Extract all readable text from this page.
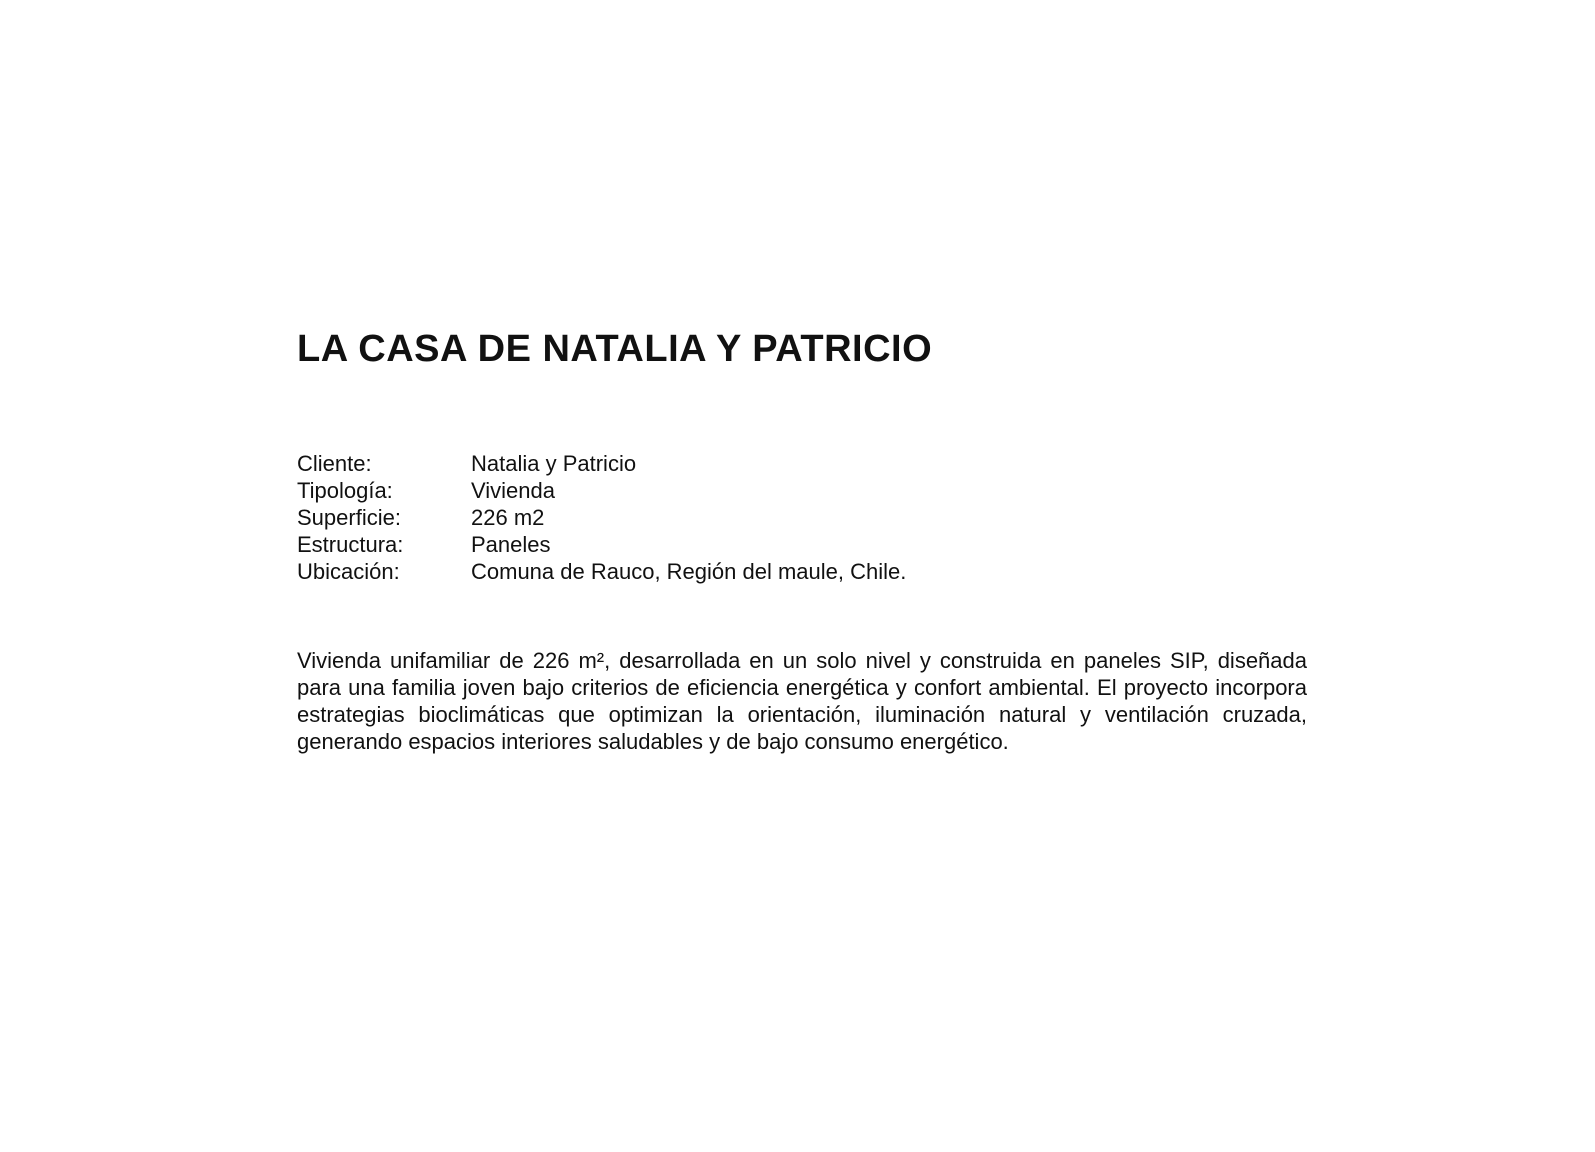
LA CASA DE NATALIA Y PATRICIO
Cliente:	Natalia y Patricio
Tipología:	Vivienda
Superficie:	226 m2
Estructura:	Paneles
Ubicación:	Comuna de Rauco, Región del maule, Chile.

Vivienda unifamiliar de 226 m², desarrollada en un solo nivel y construida en paneles SIP, diseñada para una familia joven bajo criterios de eficiencia energética y confort ambiental. El proyecto incorpora estrategias bioclimáticas que optimizan la orientación, iluminación natural y ventilación cruzada, generando espacios interiores saludables y de bajo consumo energético.
